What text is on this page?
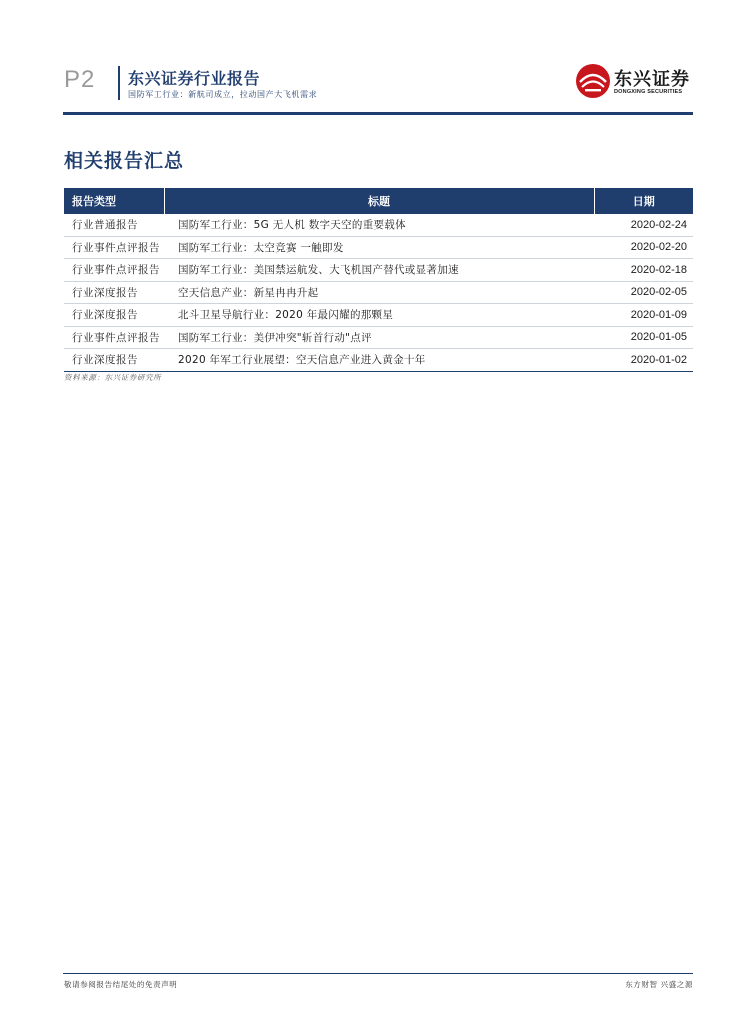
P2 东兴证券行业报告
国防军工行业：新航司成立，拉动国产大飞机需求
东兴证券
DONGXING SECURITIES
相关报告汇总
报告类型	标题	日期
行业普通报告	国防军工行业：5G 无人机 数字天空的重要载体	2020-02-24
行业事件点评报告	国防军工行业：太空竞赛 一触即发	2020-02-20
行业事件点评报告	国防军工行业：美国禁运航发、大飞机国产替代或显著加速	2020-02-18
行业深度报告	空天信息产业：新星冉冉升起	2020-02-05
行业深度报告	北斗卫星导航行业：2020 年最闪耀的那颗星	2020-01-09
行业事件点评报告	国防军工行业：美伊冲突"斩首行动"点评	2020-01-05
行业深度报告	2020 年军工行业展望：空天信息产业进入黄金十年	2020-01-02
资料来源：东兴证券研究所
敬请参阅报告结尾处的免责声明	东方财智 兴盛之源
